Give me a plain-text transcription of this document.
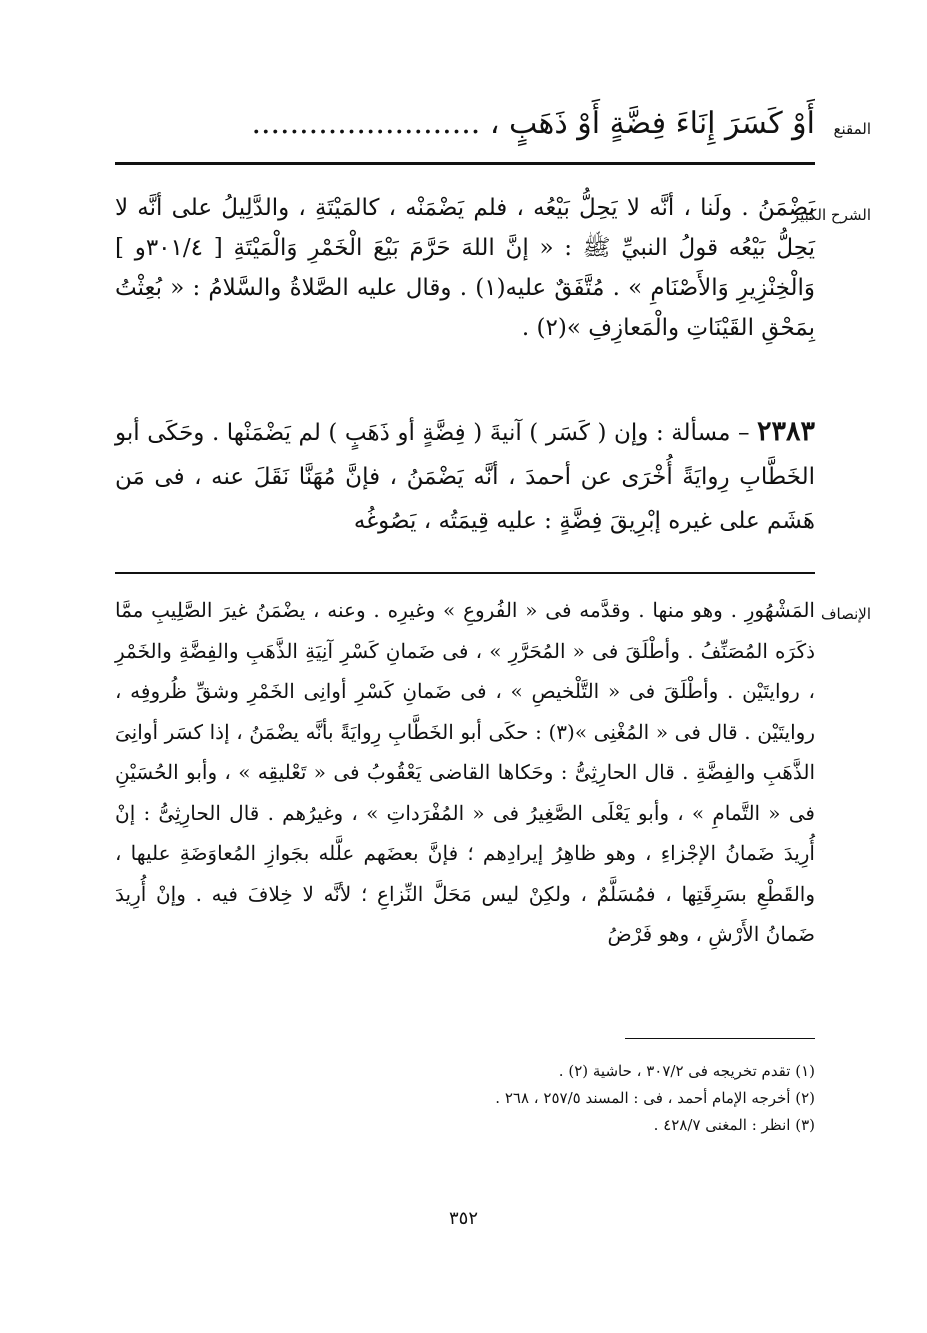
المقنع

أَوْ كَسَرَ إِنَاءَ فِضَّةٍ أَوْ ذَهَبٍ ، ........................

الشرح الكبير

يَضْمَنُ . ولَنا ، أنَّه لا يَحِلُّ بَيْعُه ، فلم يَضْمَنْه ، كالمَيْتَةِ ، والدَّلِيلُ على أنَّه لا يَحِلُّ بَيْعُه قولُ النبيِّ ﷺ : « إنَّ اللهَ حَرَّمَ بَيْعَ الْخَمْرِ وَالْمَيْتَةِ [ ٣٠١/٤و ] وَالْخِنْزِيرِ وَالأَصْنَامِ » . مُتَّفَقٌ عليه(١) . وقال عليه الصَّلاةُ والسَّلامُ : « بُعِثْتُ بِمَحْقِ القَيْنَاتِ والْمَعازِفِ »(٢) .

٢٣٨٣ – مسألة : وإن ( كَسَر ) آنيةَ ( فِضَّةٍ أو ذَهَبٍ ) لم يَضْمَنْها . وحَكَى أبو الخَطَّابِ رِوايَةً أُخْرَى عن أحمدَ ، أنَّه يَضْمَنُ ، فإنَّ مُهَنَّا نَقَلَ عنه ، فى مَن هَشَم على غيره إبْرِيقَ فِضَّةٍ : عليه قِيمَتُه ، يَصُوغُه

الإنصاف

المَشْهُورِ . وهو منها . وقدَّمه فى « الفُروعِ » وغيرِه . وعنه ، يضْمَنُ غيرَ الصَّلِيبِ ممَّا ذكَرَه المُصَنِّفُ . وأطْلَقَ فى « المُحَرَّرِ » ، فى ضَمانِ كَسْرِ آنِيَةِ الذَّهَبِ والفِضَّةِ والخَمْرِ ، روايتَيْن . وأطْلَقَ فى « التَّلْخيصِ » ، فى ضَمانِ كَسْرِ أوانِى الخَمْرِ وشقِّ ظُروفِه ، روايتَيْن . قال فى « المُغْنِى »(٣) : حكَى أبو الخَطَّابِ رِوايَةً بأنَّه يضْمَنُ ، إذا كسَر أوانِىَ الذَّهَبِ والفِضَّةِ . قال الحارِثِىُّ : وحَكاها القاضى يَعْقُوبُ فى « تَعْليقِه » ، وأبو الحُسَيْنِ فى « التَّمامِ » ، وأبو يَعْلَى الصَّغِيرُ فى « المُفْرَداتِ » ، وغيرُهم . قال الحارِثِىُّ : إنْ أُرِيدَ ضَمانُ الإجْزاءِ ، وهو ظاهِرُ إيرادِهم ؛ فإنَّ بعضَهم علَّله بجَوازِ المُعاوَضَةِ عليها ، والقَطْعِ بسَرِقَتِها ، فمُسَلَّمٌ ، ولكِنْ ليس مَحَلَّ النِّزاعِ ؛ لأنَّه لا خِلافَ فيه . وإنْ أُرِيدَ ضَمانُ الأَرْشِ ، وهو فَرْضُ

(١) تقدم تخريجه فى ٣٠٧/٢ ، حاشية (٢) .

(٢) أخرجه الإمام أحمد ، فى : المسند ٢٥٧/٥ ، ٢٦٨ .

(٣) انظر : المغنى ٤٢٨/٧ .

٣٥٢
